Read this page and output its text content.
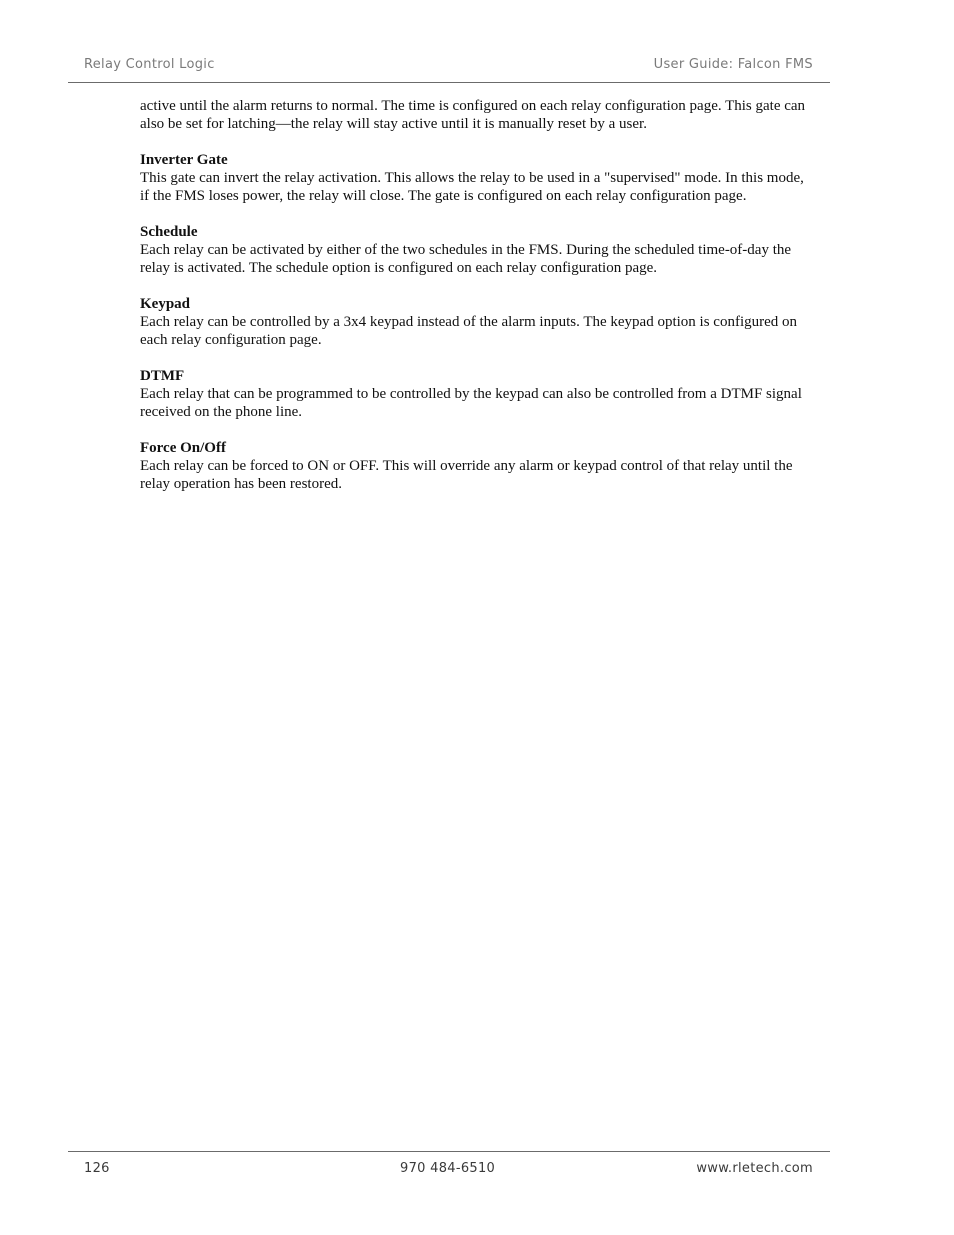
Relay Control Logic	User Guide: Falcon FMS

active until the alarm returns to normal. The time is configured on each relay configuration page. This gate can also be set for latching—the relay will stay active until it is manually reset by a user.

Inverter Gate

This gate can invert the relay activation. This allows the relay to be used in a "supervised" mode. In this mode, if the FMS loses power, the relay will close. The gate is configured on each relay configuration page.

Schedule

Each relay can be activated by either of the two schedules in the FMS. During the scheduled time-of-day the relay is activated. The schedule option is configured on each relay configuration page.

Keypad

Each relay can be controlled by a 3x4 keypad instead of the alarm inputs. The keypad option is configured on each relay configuration page.

DTMF

Each relay that can be programmed to be controlled by the keypad can also be controlled from a DTMF signal received on the phone line.

Force On/Off

Each relay can be forced to ON or OFF. This will override any alarm or keypad control of that relay until the relay operation has been restored.

126	970 484-6510	www.rletech.com
